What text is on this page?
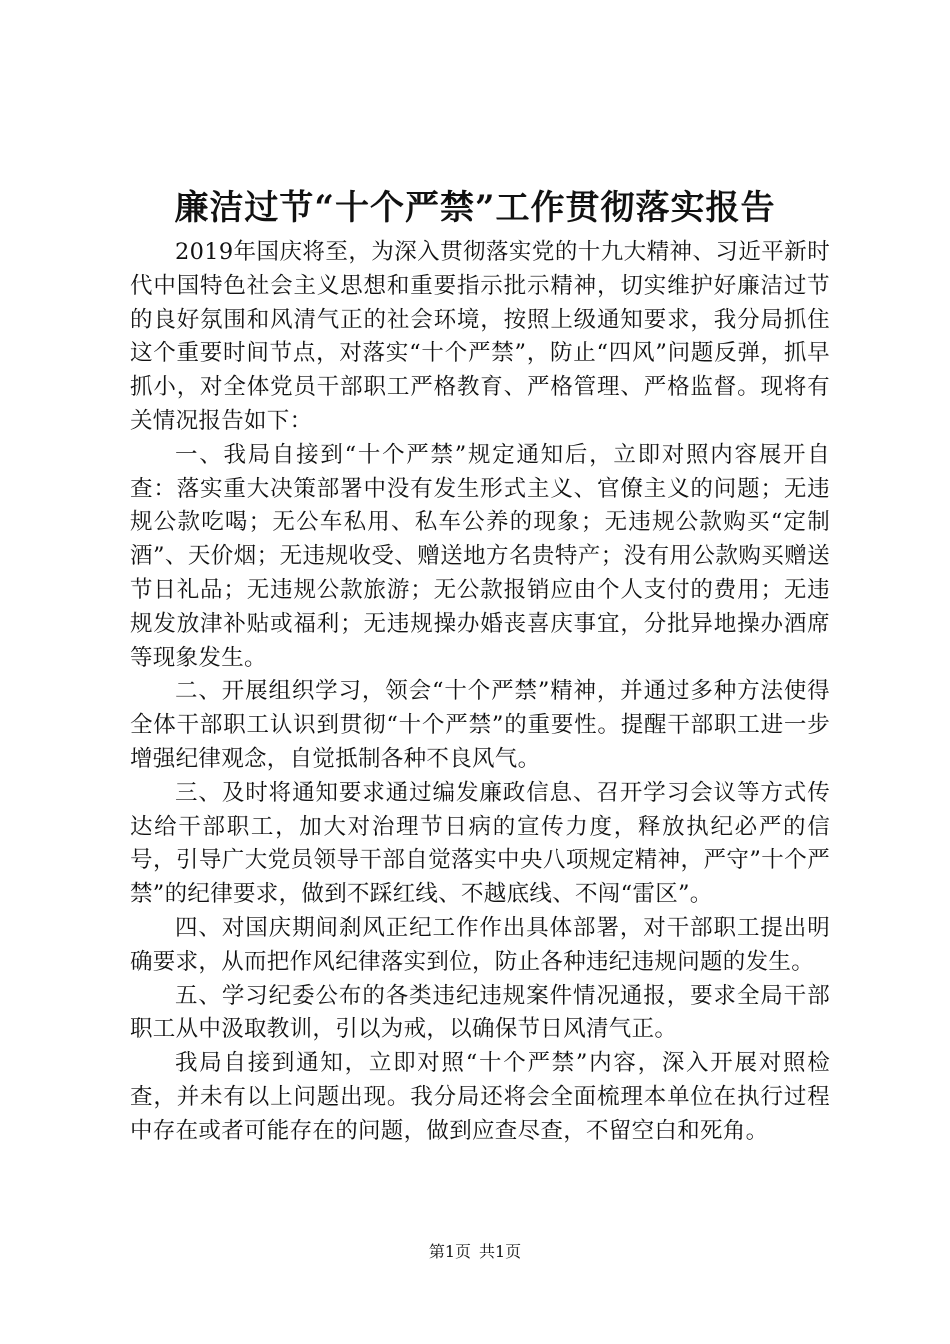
廉洁过节“十个严禁”工作贯彻落实报告

2019年国庆将至，为深入贯彻落实党的十九大精神、习近平新时代中国特色社会主义思想和重要指示批示精神，切实维护好廉洁过节的良好氛围和风清气正的社会环境，按照上级通知要求，我分局抓住这个重要时间节点，对落实“十个严禁”，防止“四风”问题反弹，抓早抓小，对全体党员干部职工严格教育、严格管理、严格监督。现将有关情况报告如下：

一、我局自接到“十个严禁”规定通知后，立即对照内容展开自查：落实重大决策部署中没有发生形式主义、官僚主义的问题；无违规公款吃喝；无公车私用、私车公养的现象；无违规公款购买“定制酒”、天价烟；无违规收受、赠送地方名贵特产；没有用公款购买赠送节日礼品；无违规公款旅游；无公款报销应由个人支付的费用；无违规发放津补贴或福利；无违规操办婚丧喜庆事宜，分批异地操办酒席等现象发生。

二、开展组织学习，领会“十个严禁”精神，并通过多种方法使得全体干部职工认识到贯彻“十个严禁”的重要性。提醒干部职工进一步增强纪律观念，自觉抵制各种不良风气。

三、及时将通知要求通过编发廉政信息、召开学习会议等方式传达给干部职工，加大对治理节日病的宣传力度，释放执纪必严的信号，引导广大党员领导干部自觉落实中央八项规定精神，严守”十个严禁”的纪律要求，做到不踩红线、不越底线、不闯“雷区”。

四、对国庆期间刹风正纪工作作出具体部署，对干部职工提出明确要求，从而把作风纪律落实到位，防止各种违纪违规问题的发生。

五、学习纪委公布的各类违纪违规案件情况通报，要求全局干部职工从中汲取教训，引以为戒，以确保节日风清气正。

我局自接到通知，立即对照“十个严禁”内容，深入开展对照检查，并未有以上问题出现。我分局还将会全面梳理本单位在执行过程中存在或者可能存在的问题，做到应查尽查，不留空白和死角。

第1页 共1页
